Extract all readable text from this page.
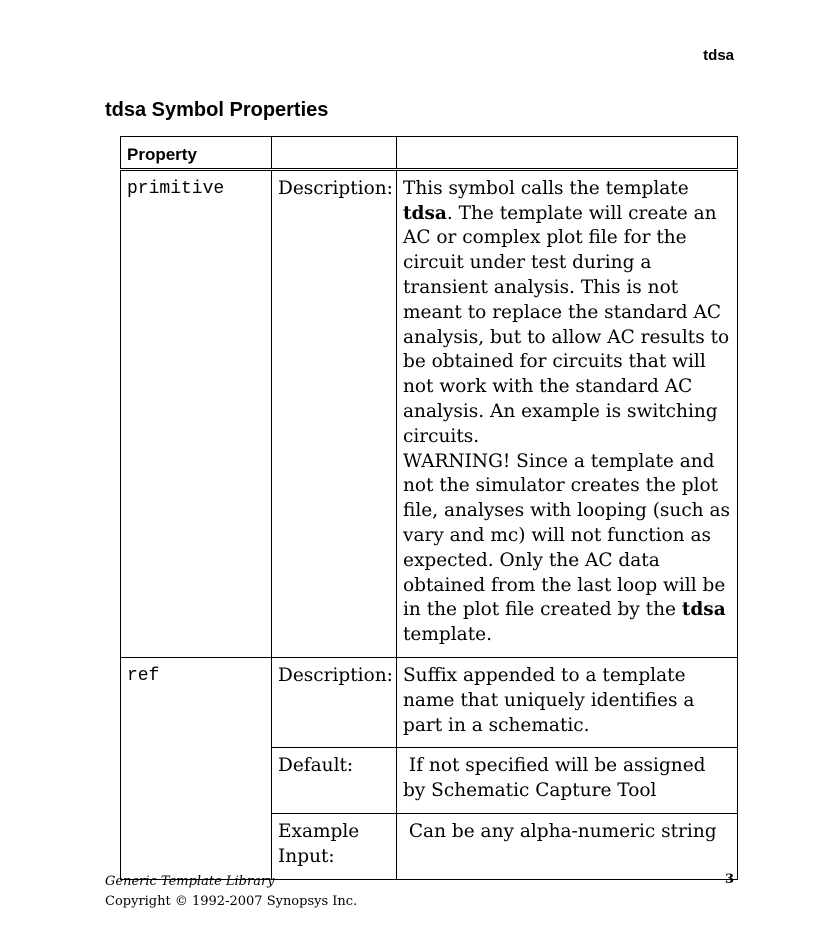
tdsa
tdsa Symbol Properties
Property		

primitive	Description:	This symbol calls the template tdsa. The template will create an AC or complex plot file for the circuit under test during a transient analysis. This is not meant to replace the standard AC analysis, but to allow AC results to be obtained for circuits that will not work with the standard AC analysis. An example is switching circuits.
WARNING! Since a template and not the simulator creates the plot file, analyses with looping (such as vary and mc) will not function as expected. Only the AC data obtained from the last loop will be in the plot file created by the tdsa template.

ref	Description:	Suffix appended to a template name that uniquely identifies a part in a schematic.

	Default:	If not specified will be assigned by Schematic Capture Tool

	Example Input:	Can be any alpha-numeric string
Generic Template Library
Copyright © 1992-2007 Synopsys Inc.
3
